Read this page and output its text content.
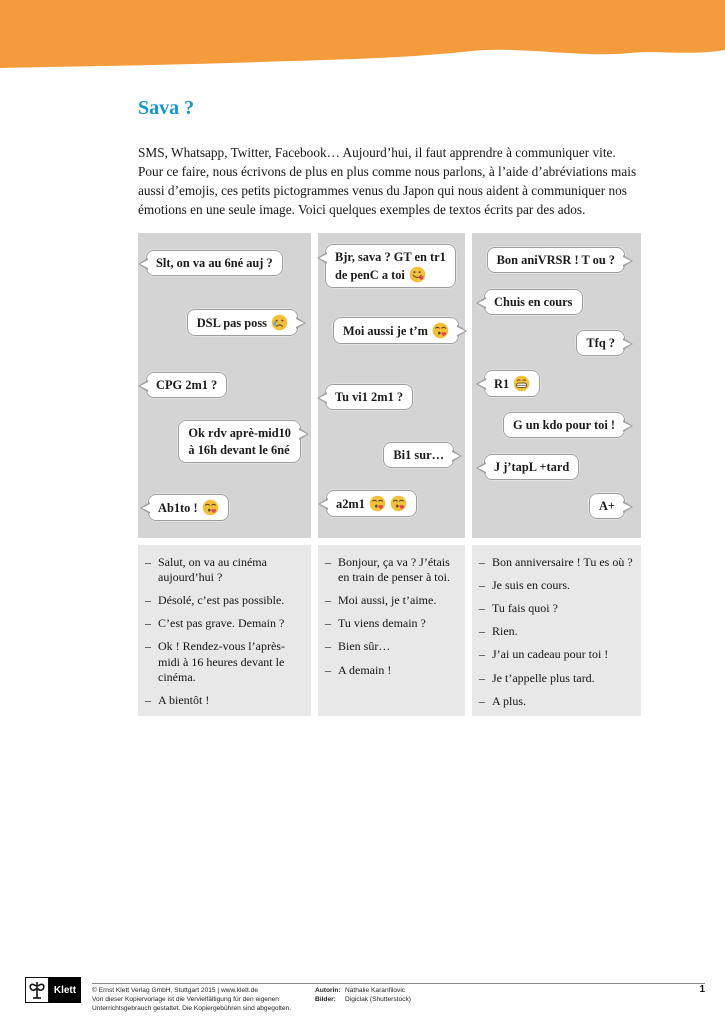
Sava ?

SMS, Whatsapp, Twitter, Facebook… Aujourd’hui, il faut apprendre à communiquer vite. Pour ce faire, nous écrivons de plus en plus comme nous parlons, à l’aide d’abréviations mais aussi d’emojis, ces petits pictogrammes venus du Japon qui nous aident à communiquer nos émotions en une seule image. Voici quelques exemples de textos écrits par des ados.

Slt, on va au 6né auj ?
DSL pas poss
CPG 2m1 ?
Ok rdv aprè-mid10
à 16h devant le 6né
Ab1to !

– Salut, on va au cinéma aujourd’hui ?

– Désolé, c’est pas possible.

– C’est pas grave. Demain ?

– Ok ! Rendez-vous l’après-midi à 16 heures devant le cinéma.

– A bientôt !

Bjr, sava ? GT en tr1
de penC a toi
Moi aussi je t’m
Tu vi1 2m1 ?
Bi1 sur…
a2m1

– Bonjour, ça va ? J’étais en train de penser à toi.

– Moi aussi, je t’aime.

– Tu viens demain ?

– Bien sûr…

– A demain !

Bon aniVRSR ! T ou ?
Chuis en cours
Tfq ?
R1
G un kdo pour toi !
J j’tapL +tard
A+

– Bon anniversaire ! Tu es où ?

– Je suis en cours.

– Tu fais quoi ?

– Rien.

– J’ai un cadeau pour toi !

– Je t’appelle plus tard.

– A plus.

Klett	© Ernst Klett Verlag GmbH, Stuttgart 2015 | www.klett.de
Von dieser Kopiervorlage ist die Vervielfältigung für den eigenen
Unterrichtsgebrauch gestattet. Die Kopiergebühren sind abgegolten.
Autorin: Nathalie Karanfilovic
Bilder:	Digiclak (Shutterstock)
1
